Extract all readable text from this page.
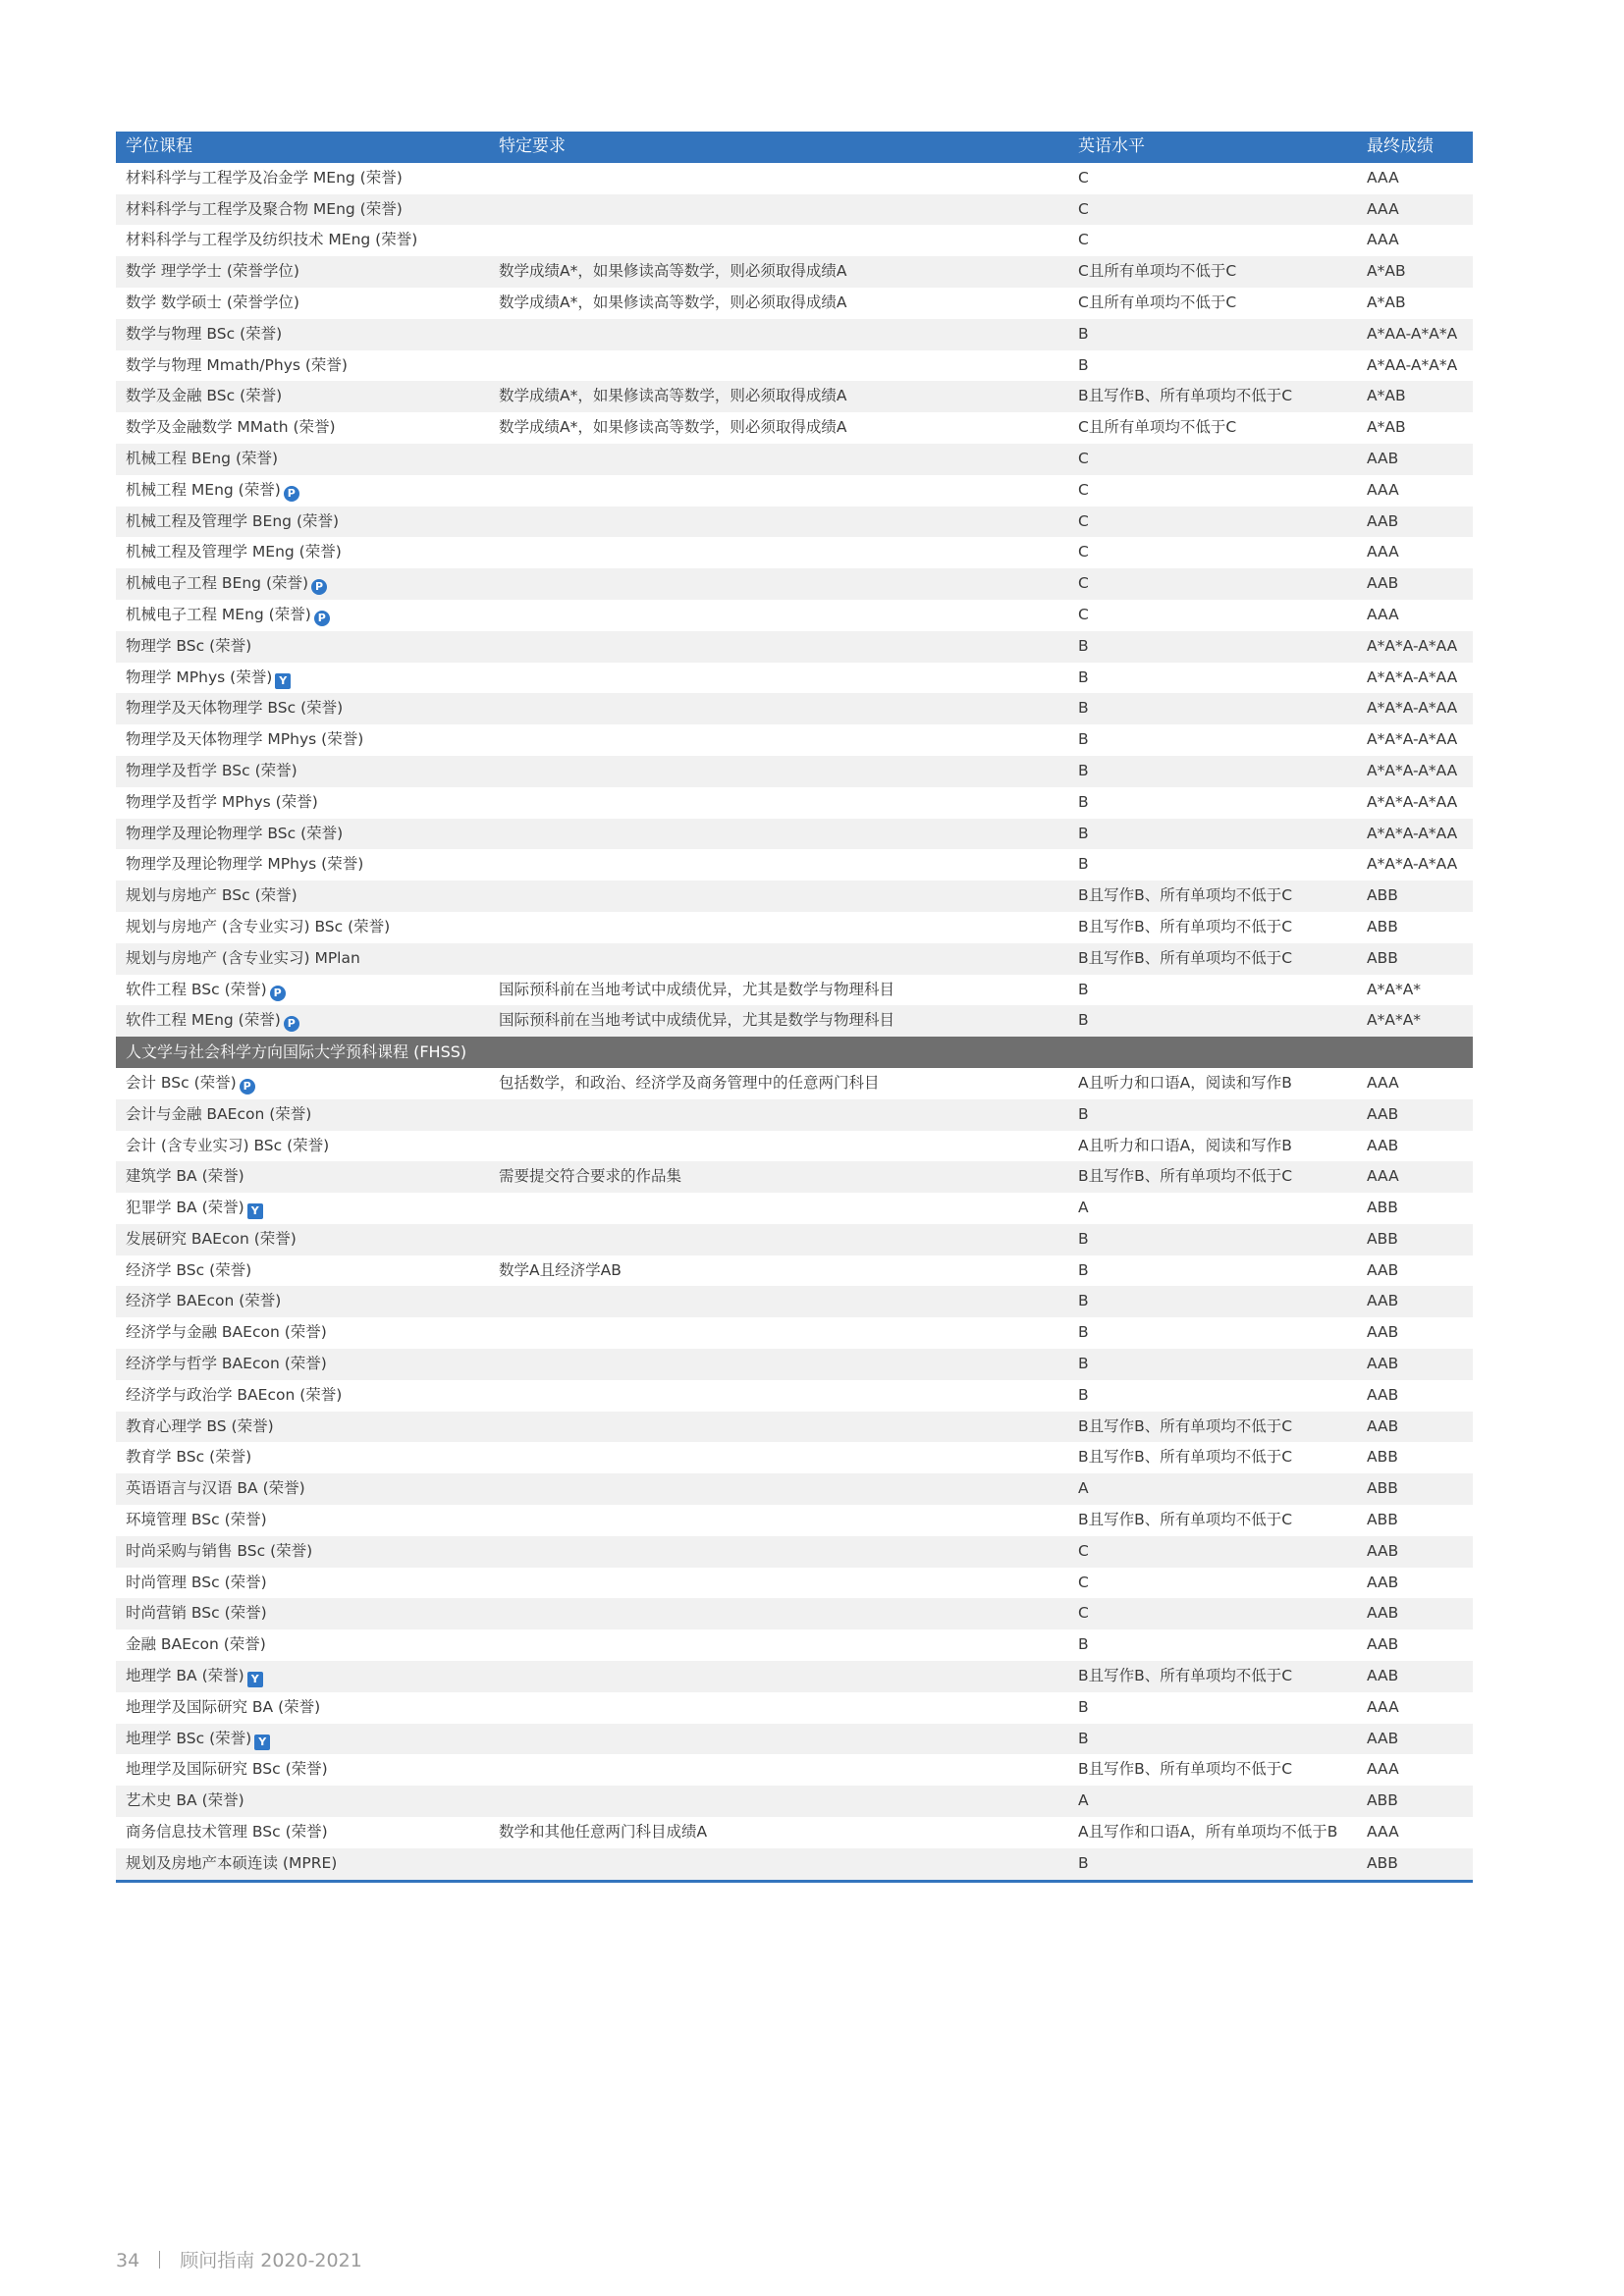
学位课程	特定要求	英语水平	最终成绩
材料科学与工程学及冶金学 MEng (荣誉)		C	AAA
材料科学与工程学及聚合物 MEng (荣誉)		C	AAA
材料科学与工程学及纺织技术 MEng (荣誉)		C	AAA
数学 理学学士 (荣誉学位)	数学成绩A*，如果修读高等数学，则必须取得成绩A	C且所有单项均不低于C	A*AB
数学 数学硕士 (荣誉学位)	数学成绩A*，如果修读高等数学，则必须取得成绩A	C且所有单项均不低于C	A*AB
数学与物理 BSc (荣誉)		B	A*AA-A*A*A
数学与物理 Mmath/Phys (荣誉)		B	A*AA-A*A*A
数学及金融 BSc (荣誉)	数学成绩A*，如果修读高等数学，则必须取得成绩A	B且写作B、所有单项均不低于C	A*AB
数学及金融数学 MMath (荣誉)	数学成绩A*，如果修读高等数学，则必须取得成绩A	C且所有单项均不低于C	A*AB
机械工程 BEng (荣誉)		C	AAB
机械工程 MEng (荣誉) P		C	AAA
机械工程及管理学 BEng (荣誉)		C	AAB
机械工程及管理学 MEng (荣誉)		C	AAA
机械电子工程 BEng (荣誉) P		C	AAB
机械电子工程 MEng (荣誉) P		C	AAA
物理学 BSc (荣誉)		B	A*A*A-A*AA
物理学 MPhys (荣誉) Y		B	A*A*A-A*AA
物理学及天体物理学 BSc (荣誉)		B	A*A*A-A*AA
物理学及天体物理学 MPhys (荣誉)		B	A*A*A-A*AA
物理学及哲学 BSc (荣誉)		B	A*A*A-A*AA
物理学及哲学 MPhys (荣誉)		B	A*A*A-A*AA
物理学及理论物理学 BSc (荣誉)		B	A*A*A-A*AA
物理学及理论物理学 MPhys (荣誉)		B	A*A*A-A*AA
规划与房地产 BSc (荣誉)		B且写作B、所有单项均不低于C	ABB
规划与房地产 (含专业实习) BSc (荣誉)		B且写作B、所有单项均不低于C	ABB
规划与房地产 (含专业实习) MPlan		B且写作B、所有单项均不低于C	ABB
软件工程 BSc (荣誉) P	国际预科前在当地考试中成绩优异，尤其是数学与物理科目	B	A*A*A*
软件工程 MEng (荣誉) P	国际预科前在当地考试中成绩优异，尤其是数学与物理科目	B	A*A*A*
人文学与社会科学方向国际大学预科课程 (FHSS)			
会计 BSc (荣誉) P	包括数学，和政治、经济学及商务管理中的任意两门科目	A且听力和口语A，阅读和写作B	AAA
会计与金融 BAEcon (荣誉)		B	AAB
会计 (含专业实习) BSc (荣誉)		A且听力和口语A，阅读和写作B	AAB
建筑学 BA (荣誉)	需要提交符合要求的作品集	B且写作B、所有单项均不低于C	AAA
犯罪学 BA (荣誉) Y		A	ABB
发展研究 BAEcon (荣誉)		B	ABB
经济学 BSc (荣誉)	数学A且经济学AB	B	AAB
经济学 BAEcon (荣誉)		B	AAB
经济学与金融 BAEcon (荣誉)		B	AAB
经济学与哲学 BAEcon (荣誉)		B	AAB
经济学与政治学 BAEcon (荣誉)		B	AAB
教育心理学 BS (荣誉)		B且写作B、所有单项均不低于C	AAB
教育学 BSc (荣誉)		B且写作B、所有单项均不低于C	ABB
英语语言与汉语 BA (荣誉)		A	ABB
环境管理 BSc (荣誉)		B且写作B、所有单项均不低于C	ABB
时尚采购与销售 BSc (荣誉)		C	AAB
时尚管理 BSc (荣誉)		C	AAB
时尚营销 BSc (荣誉)		C	AAB
金融 BAEcon (荣誉)		B	AAB
地理学 BA (荣誉) Y		B且写作B、所有单项均不低于C	AAB
地理学及国际研究 BA (荣誉)		B	AAA
地理学 BSc (荣誉) Y		B	AAB
地理学及国际研究 BSc (荣誉)		B且写作B、所有单项均不低于C	AAA
艺术史 BA (荣誉)		A	ABB
商务信息技术管理 BSc (荣誉)	数学和其他任意两门科目成绩A	A且写作和口语A，所有单项均不低于B	AAA
规划及房地产本硕连读 (MPRE)		B	ABB
34 顾问指南 2020-2021
